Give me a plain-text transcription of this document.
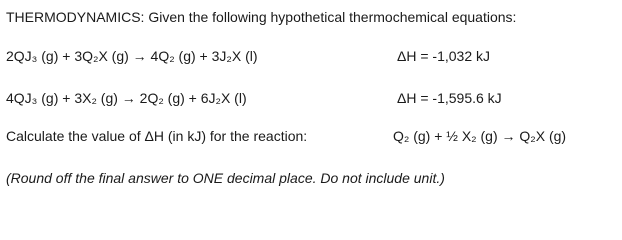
THERMODYNAMICS: Given the following hypothetical thermochemical equations:
2QJ₃ (g) + 3Q₂X (g) → 4Q₂ (g) + 3J₂X (l)	ΔH = -1,032 kJ
4QJ₃ (g) + 3X₂ (g) → 2Q₂ (g) + 6J₂X (l)	ΔH = -1,595.6 kJ
Calculate the value of ΔH (in kJ) for the reaction:	Q₂ (g) + ½ X₂ (g) → Q₂X (g)
(Round off the final answer to ONE decimal place. Do not include unit.)
